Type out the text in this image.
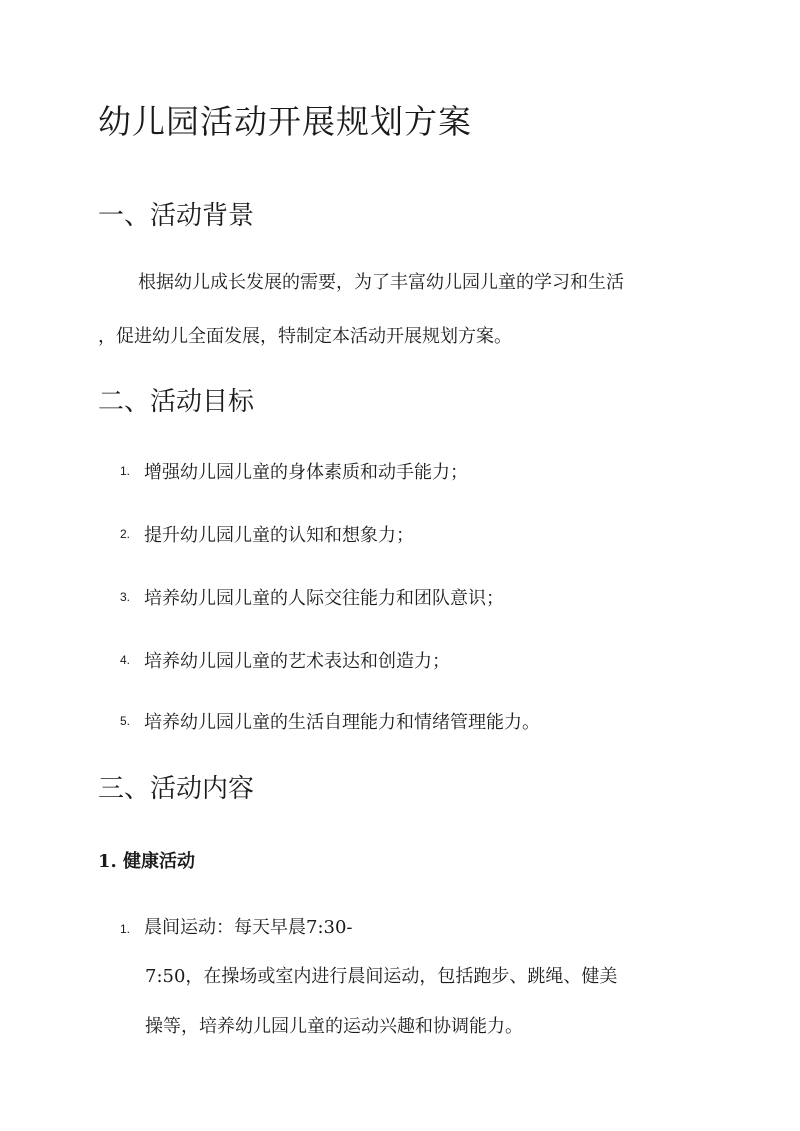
幼儿园活动开展规划方案
一、活动背景
根据幼儿成长发展的需要，为了丰富幼儿园儿童的学习和生活
，促进幼儿全面发展，特制定本活动开展规划方案。
二、活动目标
1. 增强幼儿园儿童的身体素质和动手能力；
2. 提升幼儿园儿童的认知和想象力；
3. 培养幼儿园儿童的人际交往能力和团队意识；
4. 培养幼儿园儿童的艺术表达和创造力；
5. 培养幼儿园儿童的生活自理能力和情绪管理能力。
三、活动内容
1. 健康活动
1. 晨间运动：每天早晨7:30-
7:50，在操场或室内进行晨间运动，包括跑步、跳绳、健美
操等，培养幼儿园儿童的运动兴趣和协调能力。
